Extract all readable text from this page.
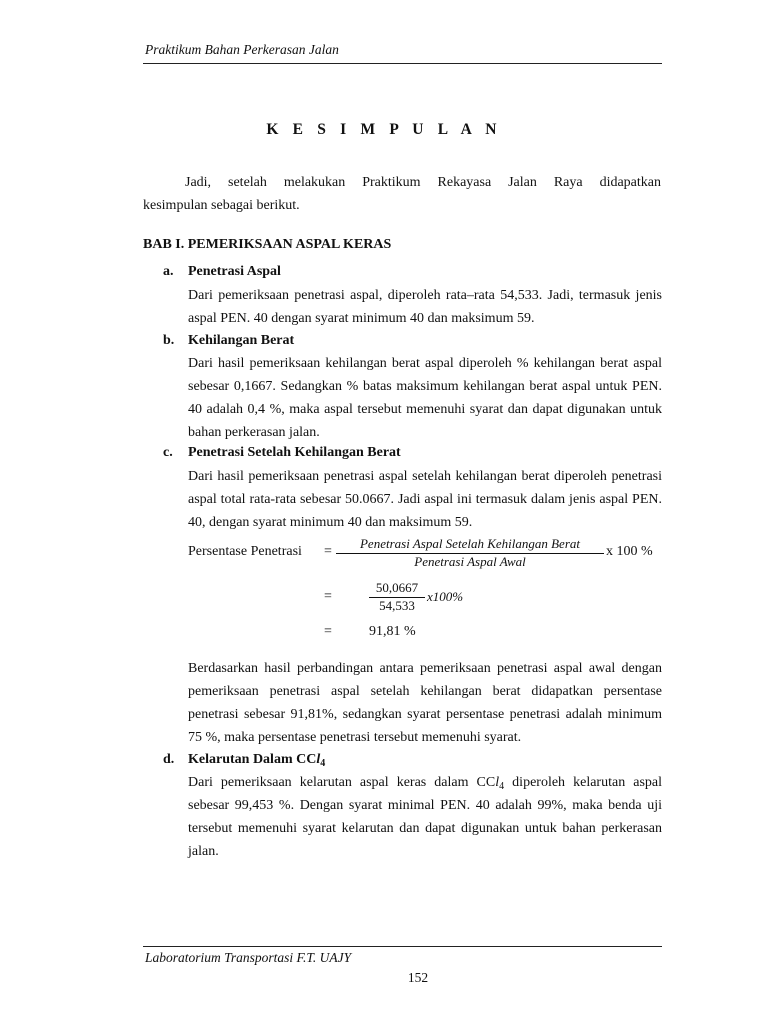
Praktikum Bahan Perkerasan Jalan
K E S I M P U L A N
Jadi, setelah melakukan Praktikum Rekayasa Jalan Raya didapatkan
kesimpulan sebagai berikut.
BAB I. PEMERIKSAAN ASPAL KERAS
a. Penetrasi Aspal
Dari pemeriksaan penetrasi aspal, diperoleh rata–rata 54,533. Jadi, termasuk jenis aspal PEN. 40 dengan syarat minimum 40 dan maksimum 59.
b. Kehilangan Berat
Dari hasil pemeriksaan kehilangan berat aspal diperoleh % kehilangan berat aspal sebesar 0,1667. Sedangkan % batas maksimum kehilangan berat aspal untuk PEN. 40 adalah 0,4 %, maka aspal tersebut memenuhi syarat dan dapat digunakan untuk bahan perkerasan jalan.
c. Penetrasi Setelah Kehilangan Berat
Dari hasil pemeriksaan penetrasi aspal setelah kehilangan berat diperoleh penetrasi aspal total rata-rata sebesar 50.0667. Jadi aspal ini termasuk dalam jenis aspal PEN. 40, dengan syarat minimum 40 dan maksimum 59.
Persentase Penetrasi =
Penetrasi Aspal Setelah Kehilangan Berat
Penetrasi Aspal Awal
x 100 %
=
50,0667
54,533
x100%
=	91,81 %
Berdasarkan hasil perbandingan antara pemeriksaan penetrasi aspal awal dengan pemeriksaan penetrasi aspal setelah kehilangan berat didapatkan persentase penetrasi sebesar 91,81%, sedangkan syarat persentase penetrasi adalah minimum 75 %, maka persentase penetrasi tersebut memenuhi syarat.
d. Kelarutan Dalam CCl$_4$
Dari pemeriksaan kelarutan aspal keras dalam CCl$_4$ diperoleh kelarutan aspal sebesar 99,453 %. Dengan syarat minimal PEN. 40 adalah 99%, maka benda uji tersebut memenuhi syarat kelarutan dan dapat digunakan untuk bahan perkerasan jalan.
Laboratorium Transportasi F.T. UAJY
152
